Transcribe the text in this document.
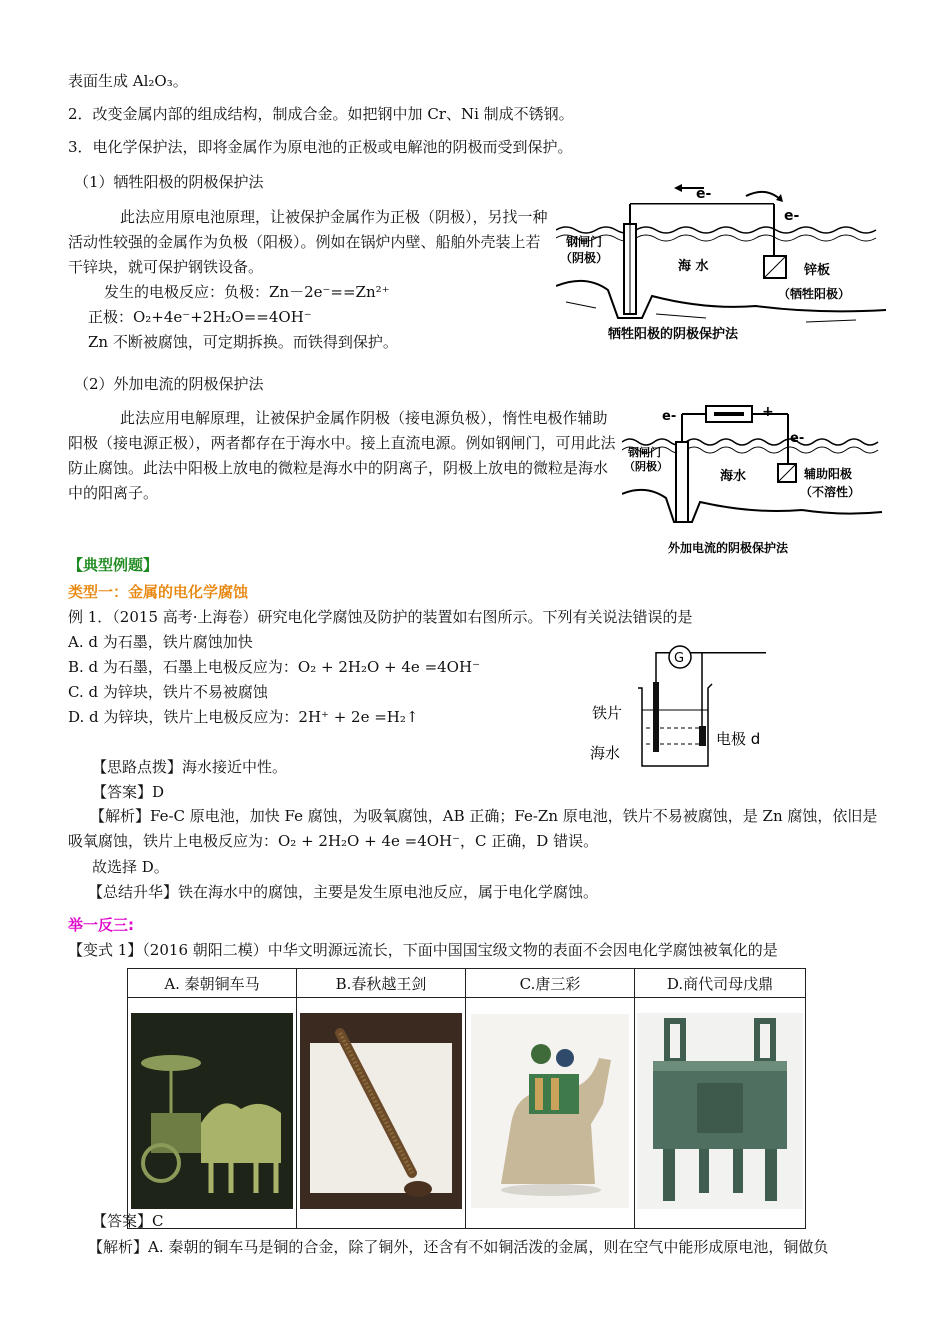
表面生成 Al₂O₃。
2．改变金属内部的组成结构，制成合金。如把钢中加 Cr、Ni 制成不锈钢。
3．电化学保护法，即将金属作为原电池的正极或电解池的阴极而受到保护。
（1）牺牲阳极的阴极保护法
此法应用原电池原理，让被保护金属作为正极（阴极），另找一种活动性较强的金属作为负极（阳极）。例如在锅炉内壁、船舶外壳装上若干锌块，就可保护钢铁设备。
发生的电极反应：负极：Zn－2e⁻==Zn²⁺
正极：O₂+4e⁻+2H₂O==4OH⁻
Zn 不断被腐蚀，可定期拆换。而铁得到保护。
（2）外加电流的阴极保护法
此法应用电解原理，让被保护金属作阴极（接电源负极），惰性电极作辅助阳极（接电源正极），两者都存在于海水中。接上直流电源。例如钢闸门，可用此法防止腐蚀。此法中阳极上放电的微粒是海水中的阴离子，阴极上放电的微粒是海水中的阳离子。
e-
e-
钢闸门
（阴极）
海 水	锌板
（牺牲阳极）
牺牲阳极的阴极保护法
e-	+
e-
钢闸门
（阴极）
海水	辅助阳极
（不溶性）
外加电流的阴极保护法
【典型例题】
类型一：金属的电化学腐蚀
例 1．（2015 高考·上海卷）研究电化学腐蚀及防护的装置如右图所示。下列有关说法错误的是
A. d 为石墨，铁片腐蚀加快
B. d 为石墨，石墨上电极反应为：O₂ + 2H₂O + 4e =4OH⁻
C. d 为锌块，铁片不易被腐蚀
D. d 为锌块，铁片上电极反应为：2H⁺ + 2e =H₂↑
G
铁片
海水
电极 d
【思路点拨】海水接近中性。
【答案】D
【解析】Fe-C 原电池，加快 Fe 腐蚀，为吸氧腐蚀，AB 正确；Fe-Zn 原电池，铁片不易被腐蚀，是 Zn 腐蚀，依旧是吸氧腐蚀，铁片上电极反应为：O₂ + 2H₂O + 4e =4OH⁻，C 正确，D 错误。
故选择 D。
【总结升华】铁在海水中的腐蚀，主要是发生原电池反应，属于电化学腐蚀。
举一反三:
【变式 1】（2016 朝阳二模）中华文明源远流长，下面中国国宝级文物的表面不会因电化学腐蚀被氧化的是
A. 秦朝铜车马	B.春秋越王剑	C.唐三彩	D.商代司母戊鼎

【答案】C
【解析】A. 秦朝的铜车马是铜的合金，除了铜外，还含有不如铜活泼的金属，则在空气中能形成原电池，铜做负
